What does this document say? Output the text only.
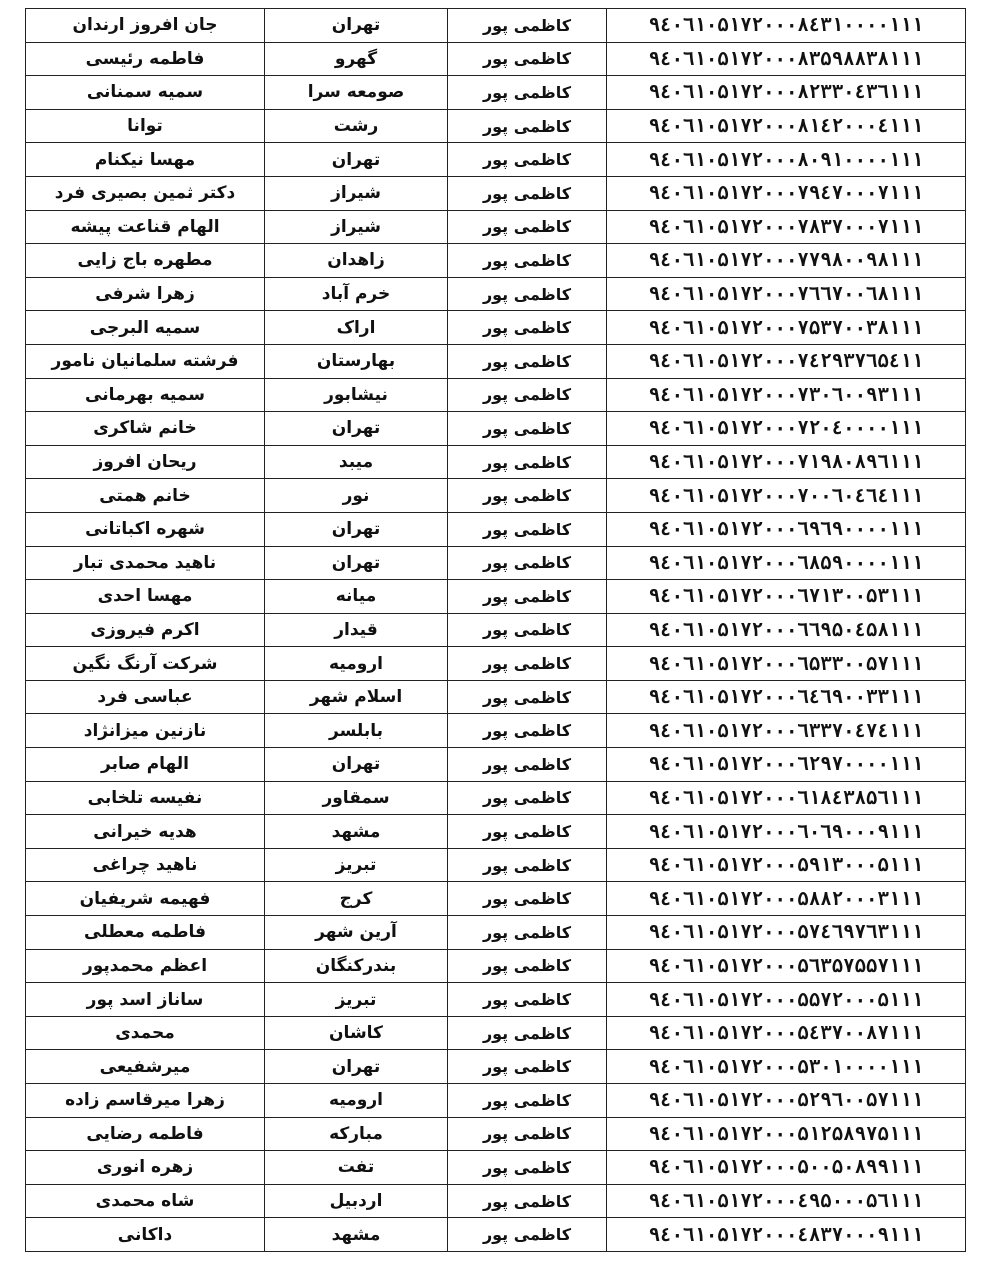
جان افروز ارندان	تهران	کاظمی پور	۹٤۰٦۱۰۵۱۷۲۰۰۰۸٤۳۱۰۰۰۰۱۱۱
فاطمه رئیسی	گهرو	کاظمی پور	۹٤۰٦۱۰۵۱۷۲۰۰۰۸۳۵۹۸۸۳۸۱۱۱
سمیه سمنانی	صومعه سرا	کاظمی پور	۹٤۰٦۱۰۵۱۷۲۰۰۰۸۲۳۳۰٤۳٦۱۱۱
توانا	رشت	کاظمی پور	۹٤۰٦۱۰۵۱۷۲۰۰۰۸۱٤۲۰۰۰٤۱۱۱
مهسا نیکنام	تهران	کاظمی پور	۹٤۰٦۱۰۵۱۷۲۰۰۰۸۰۹۱۰۰۰۰۱۱۱
دکتر ثمین بصیری فرد	شیراز	کاظمی پور	۹٤۰٦۱۰۵۱۷۲۰۰۰۷۹٤۷۰۰۰۷۱۱۱
الهام قناعت پیشه	شیراز	کاظمی پور	۹٤۰٦۱۰۵۱۷۲۰۰۰۷۸۳۷۰۰۰۷۱۱۱
مطهره باج زایی	زاهدان	کاظمی پور	۹٤۰٦۱۰۵۱۷۲۰۰۰۷۷۹۸۰۰۹۸۱۱۱
زهرا شرفی	خرم آباد	کاظمی پور	۹٤۰٦۱۰۵۱۷۲۰۰۰۷٦٦۷۰۰٦۸۱۱۱
سمیه البرجی	اراک	کاظمی پور	۹٤۰٦۱۰۵۱۷۲۰۰۰۷۵۳۷۰۰۳۸۱۱۱
فرشته سلمانیان نامور	بهارستان	کاظمی پور	۹٤۰٦۱۰۵۱۷۲۰۰۰۷٤۲۹۳۷٦۵٤۱۱
سمیه بهرمانی	نیشابور	کاظمی پور	۹٤۰٦۱۰۵۱۷۲۰۰۰۷۳۰٦۰۰۹۳۱۱۱
خانم شاکری	تهران	کاظمی پور	۹٤۰٦۱۰۵۱۷۲۰۰۰۷۲۰٤۰۰۰۰۱۱۱
ریحان افروز	میبد	کاظمی پور	۹٤۰٦۱۰۵۱۷۲۰۰۰۷۱۹۸۰۸۹٦۱۱۱
خانم همتی	نور	کاظمی پور	۹٤۰٦۱۰۵۱۷۲۰۰۰۷۰۰٦۰٤٦٤۱۱۱
شهره اکباتانی	تهران	کاظمی پور	۹٤۰٦۱۰۵۱۷۲۰۰۰٦۹٦۹۰۰۰۰۱۱۱
ناهید محمدی تبار	تهران	کاظمی پور	۹٤۰٦۱۰۵۱۷۲۰۰۰٦۸۵۹۰۰۰۰۱۱۱
مهسا احدی	میانه	کاظمی پور	۹٤۰٦۱۰۵۱۷۲۰۰۰٦۷۱۳۰۰۵۳۱۱۱
اکرم فیروزی	قیدار	کاظمی پور	۹٤۰٦۱۰۵۱۷۲۰۰۰٦٦۹۵۰٤۵۸۱۱۱
شرکت آرنگ نگین	ارومیه	کاظمی پور	۹٤۰٦۱۰۵۱۷۲۰۰۰٦۵۳۳۰۰۵۷۱۱۱
عباسی فرد	اسلام شهر	کاظمی پور	۹٤۰٦۱۰۵۱۷۲۰۰۰٦٤٦۹۰۰۳۳۱۱۱
نازنین میزانژاد	بابلسر	کاظمی پور	۹٤۰٦۱۰۵۱۷۲۰۰۰٦۳۳۷۰٤۷٤۱۱۱
الهام صابر	تهران	کاظمی پور	۹٤۰٦۱۰۵۱۷۲۰۰۰٦۲۹۷۰۰۰۰۱۱۱
نفیسه تلخابی	سمقاور	کاظمی پور	۹٤۰٦۱۰۵۱۷۲۰۰۰٦۱۸٤۳۸۵٦۱۱۱
هدیه خیرانی	مشهد	کاظمی پور	۹٤۰٦۱۰۵۱۷۲۰۰۰٦۰٦۹۰۰۰۹۱۱۱
ناهید چراغی	تبریز	کاظمی پور	۹٤۰٦۱۰۵۱۷۲۰۰۰۵۹۱۳۰۰۰۵۱۱۱
فهیمه شریفیان	کرج	کاظمی پور	۹٤۰٦۱۰۵۱۷۲۰۰۰۵۸۸۲۰۰۰۳۱۱۱
فاطمه معطلی	آرین شهر	کاظمی پور	۹٤۰٦۱۰۵۱۷۲۰۰۰۵۷٤٦۹۷٦۳۱۱۱
اعظم محمدپور	بندرکنگان	کاظمی پور	۹٤۰٦۱۰۵۱۷۲۰۰۰۵٦۳۵۷۵۵۷۱۱۱
ساناز اسد پور	تبریز	کاظمی پور	۹٤۰٦۱۰۵۱۷۲۰۰۰۵۵۷۲۰۰۰۵۱۱۱
محمدی	کاشان	کاظمی پور	۹٤۰٦۱۰۵۱۷۲۰۰۰۵٤۳۷۰۰۸۷۱۱۱
میرشفیعی	تهران	کاظمی پور	۹٤۰٦۱۰۵۱۷۲۰۰۰۵۳۰۱۰۰۰۰۱۱۱
زهرا میرقاسم زاده	ارومیه	کاظمی پور	۹٤۰٦۱۰۵۱۷۲۰۰۰۵۲۹٦۰۰۵۷۱۱۱
فاطمه رضایی	مبارکه	کاظمی پور	۹٤۰٦۱۰۵۱۷۲۰۰۰۵۱۲۵۸۹۷۵۱۱۱
زهره انوری	تفت	کاظمی پور	۹٤۰٦۱۰۵۱۷۲۰۰۰۵۰۰۵۰۸۹۹۱۱۱
شاه محمدی	اردبیل	کاظمی پور	۹٤۰٦۱۰۵۱۷۲۰۰۰٤۹۵۰۰۰۵٦۱۱۱
داکانی	مشهد	کاظمی پور	۹٤۰٦۱۰۵۱۷۲۰۰۰٤۸۳۷۰۰۰۹۱۱۱
